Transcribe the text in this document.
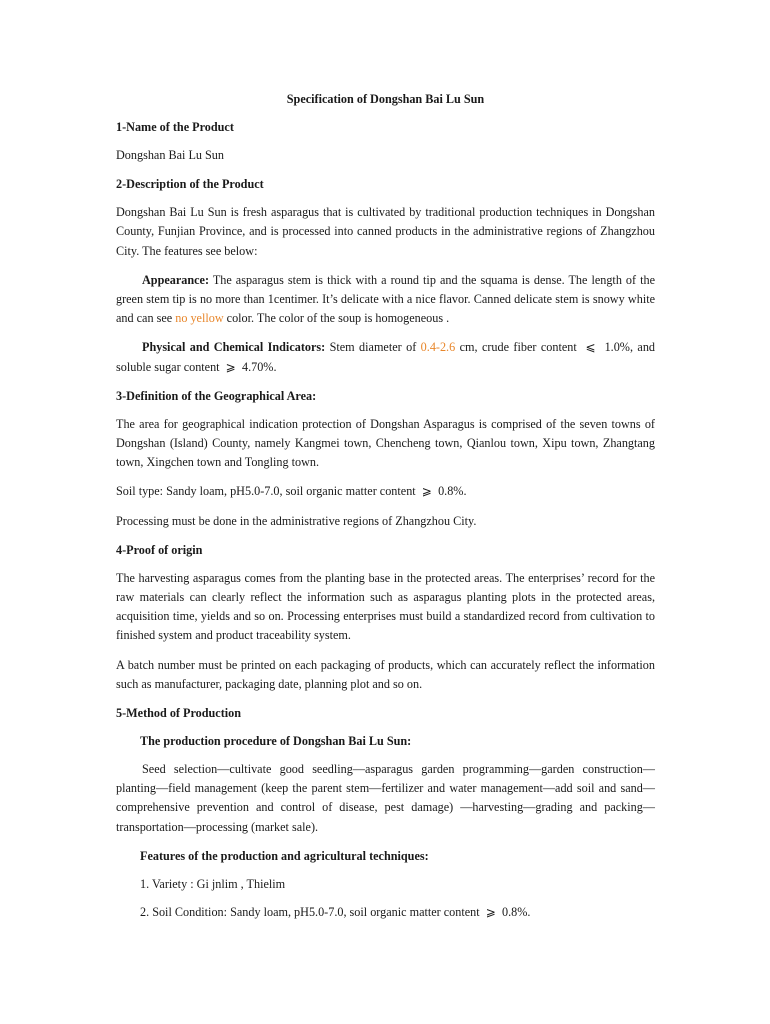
Specification of Dongshan Bai Lu Sun
1-Name of the Product
Dongshan Bai Lu Sun
2-Description of the Product
Dongshan Bai Lu Sun is fresh asparagus that is cultivated by traditional production techniques in Dongshan County, Funjian Province, and is processed into canned products in the administrative regions of Zhangzhou City. The features see below:
Appearance: The asparagus stem is thick with a round tip and the squama is dense. The length of the green stem tip is no more than 1centimer. It’s delicate with a nice flavor. Canned delicate stem is snowy white and can see no yellow color. The color of the soup is homogeneous .
Physical and Chemical Indicators: Stem diameter of 0.4-2.6 cm, crude fiber content  ⩽  1.0%, and soluble sugar content  ⩾  4.70%.
3-Definition of the Geographical Area:
The area for geographical indication protection of Dongshan Asparagus is comprised of the seven towns of Dongshan (Island) County, namely Kangmei town, Chencheng town, Qianlou town, Xipu town, Zhangtang town, Xingchen town and Tongling town.
Soil type: Sandy loam, pH5.0-7.0, soil organic matter content  ⩾  0.8%.
Processing must be done in the administrative regions of Zhangzhou City.
4-Proof of origin
The harvesting asparagus comes from the planting base in the protected areas. The enterprises’ record for the raw materials can clearly reflect the information such as asparagus planting plots in the protected areas, acquisition time, yields and so on. Processing enterprises must build a standardized record from cultivation to finished system and product traceability system.
A batch number must be printed on each packaging of products, which can accurately reflect the information such as manufacturer, packaging date, planning plot and so on.
5-Method of Production
The production procedure of Dongshan Bai Lu Sun:
Seed selection—cultivate good seedling—asparagus garden programming—garden construction—planting—field management (keep the parent stem—fertilizer and water management—add soil and sand—comprehensive prevention and control of disease, pest damage) —harvesting—grading and packing—transportation—processing (market sale).
Features of the production and agricultural techniques:
1. Variety : Gi jnlim , Thielim
2. Soil Condition: Sandy loam, pH5.0-7.0, soil organic matter content  ⩾  0.8%.
